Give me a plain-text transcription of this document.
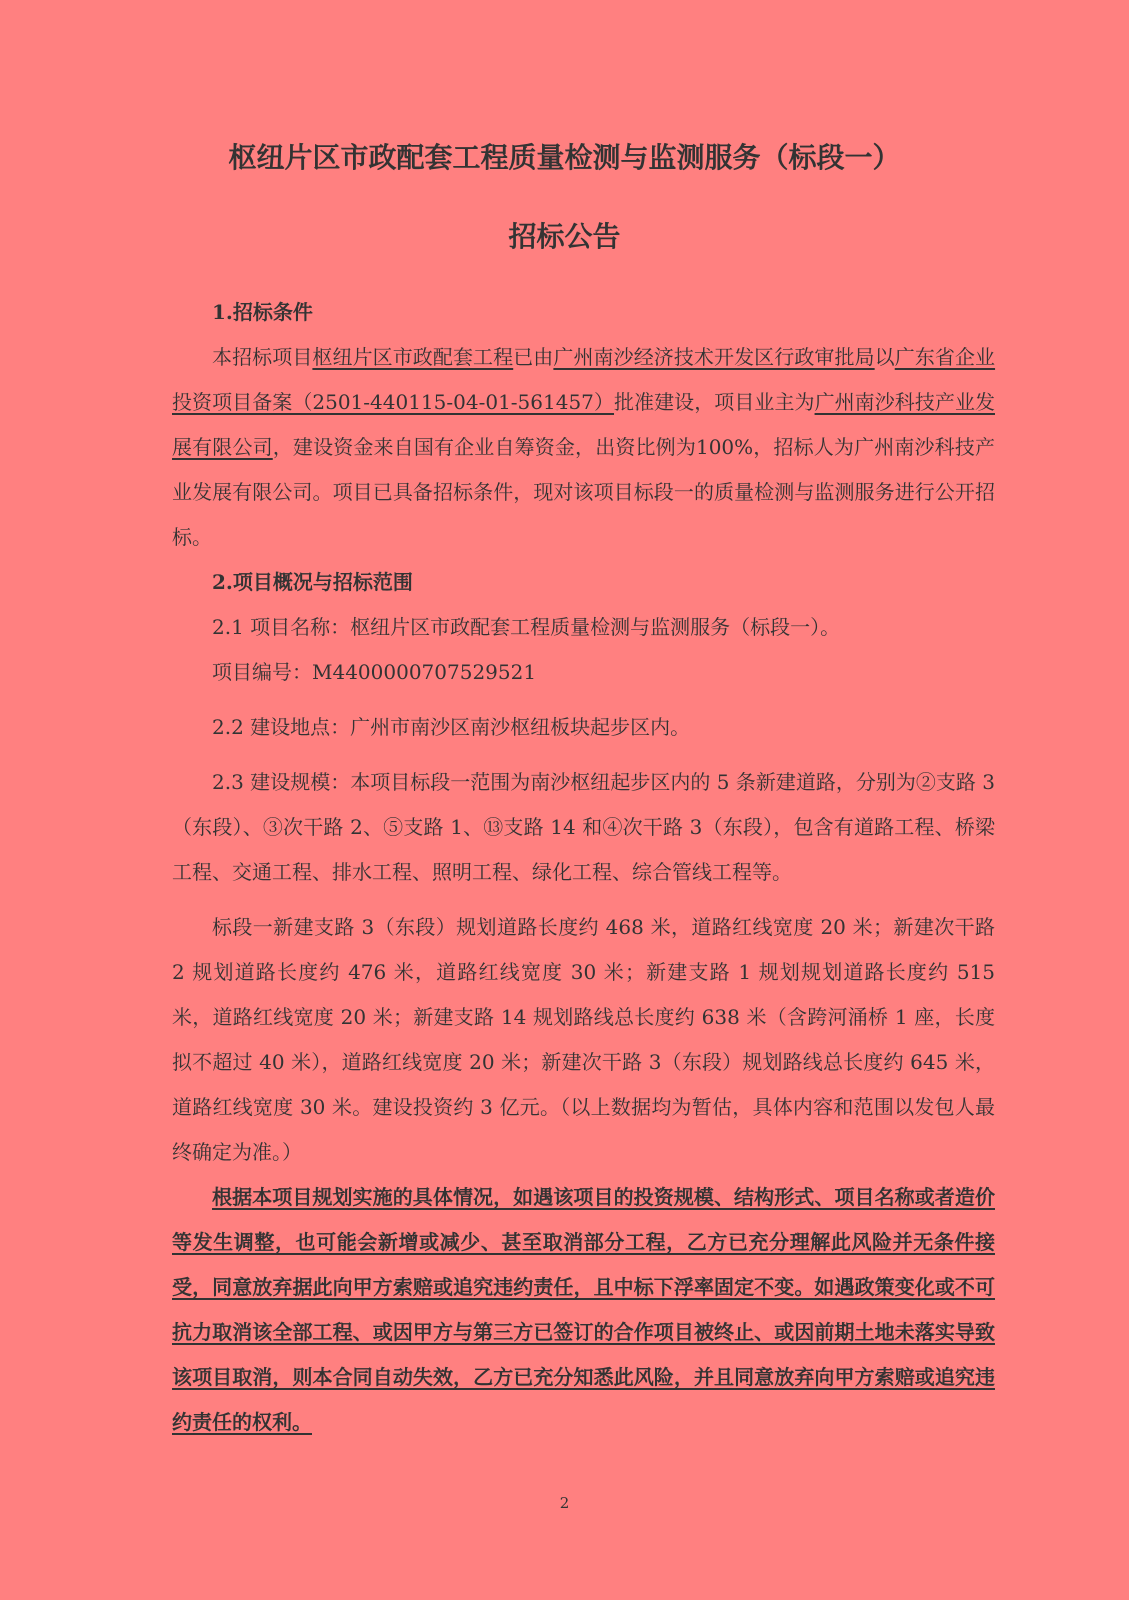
枢纽片区市政配套工程质量检测与监测服务（标段一）
招标公告

1.招标条件

本招标项目枢纽片区市政配套工程已由广州南沙经济技术开发区行政审批局以广东省企业投资项目备案（2501-440115-04-01-561457）批准建设，项目业主为广州南沙科技产业发展有限公司，建设资金来自国有企业自筹资金，出资比例为100%，招标人为广州南沙科技产业发展有限公司。项目已具备招标条件，现对该项目标段一的质量检测与监测服务进行公开招标。

2.项目概况与招标范围

2.1 项目名称：枢纽片区市政配套工程质量检测与监测服务（标段一）。

项目编号：M4400000707529521

2.2 建设地点：广州市南沙区南沙枢纽板块起步区内。

2.3 建设规模：本项目标段一范围为南沙枢纽起步区内的 5 条新建道路，分别为②支路 3（东段）、③次干路 2、⑤支路 1、⑬支路 14 和④次干路 3（东段），包含有道路工程、桥梁工程、交通工程、排水工程、照明工程、绿化工程、综合管线工程等。

标段一新建支路 3（东段）规划道路长度约 468 米，道路红线宽度 20 米；新建次干路 2 规划道路长度约 476 米，道路红线宽度 30 米；新建支路 1 规划规划道路长度约 515 米，道路红线宽度 20 米；新建支路 14 规划路线总长度约 638 米（含跨河涌桥 1 座，长度拟不超过 40 米），道路红线宽度 20 米；新建次干路 3（东段）规划路线总长度约 645 米，道路红线宽度 30 米。建设投资约 3 亿元。（以上数据均为暂估，具体内容和范围以发包人最终确定为准。）

根据本项目规划实施的具体情况，如遇该项目的投资规模、结构形式、项目名称或者造价等发生调整，也可能会新增或减少、甚至取消部分工程，乙方已充分理解此风险并无条件接受，同意放弃据此向甲方索赔或追究违约责任，且中标下浮率固定不变。如遇政策变化或不可抗力取消该全部工程、或因甲方与第三方已签订的合作项目被终止、或因前期土地未落实导致该项目取消，则本合同自动失效，乙方已充分知悉此风险，并且同意放弃向甲方索赔或追究违约责任的权利。

2
